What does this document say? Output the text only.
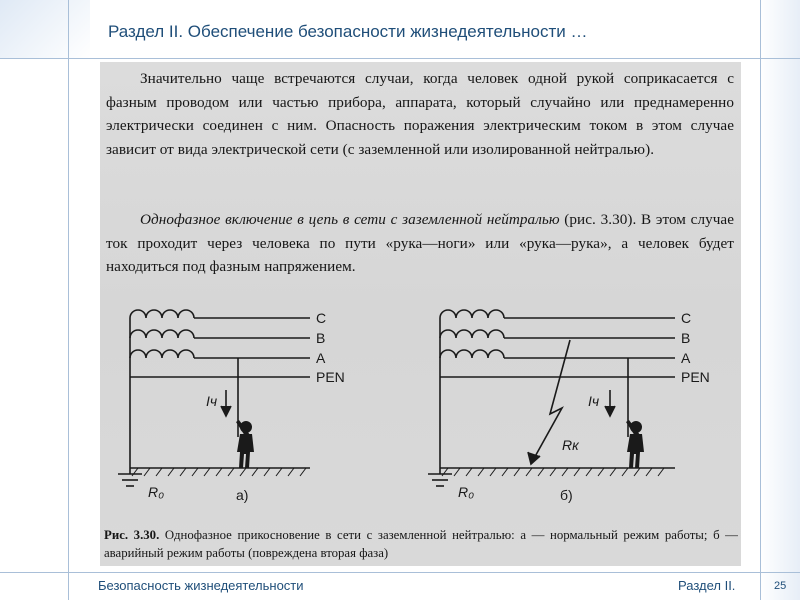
Раздел II. Обеспечение безопасности жизнедеятельности …

Значительно чаще встречаются случаи, когда человек одной рукой соприкасается с фазным проводом или частью прибора, аппарата, который случайно или преднамеренно электрически соединен с ним. Опасность поражения электрическим током в этом случае зависит от вида электрической сети (с заземленной или изолированной нейтралью).

Однофазное включение в цепь в сети с заземленной нейтралью (рис. 3.30). В этом случае ток проходит через человека по пути «рука—ноги» или «рука—рука», а человек будет находиться под фазным напряжением.

C
B
A
PEN
Iч
R₀	а)
C
B
A
PEN
Iч
Rк
R₀	б)

Рис. 3.30. Однофазное прикосновение в сети с заземленной нейтралью: а — нормальный режим работы; б — аварийный режим работы (повреждена вторая фаза)

Безопасность жизнедеятельности	Раздел II.	25
